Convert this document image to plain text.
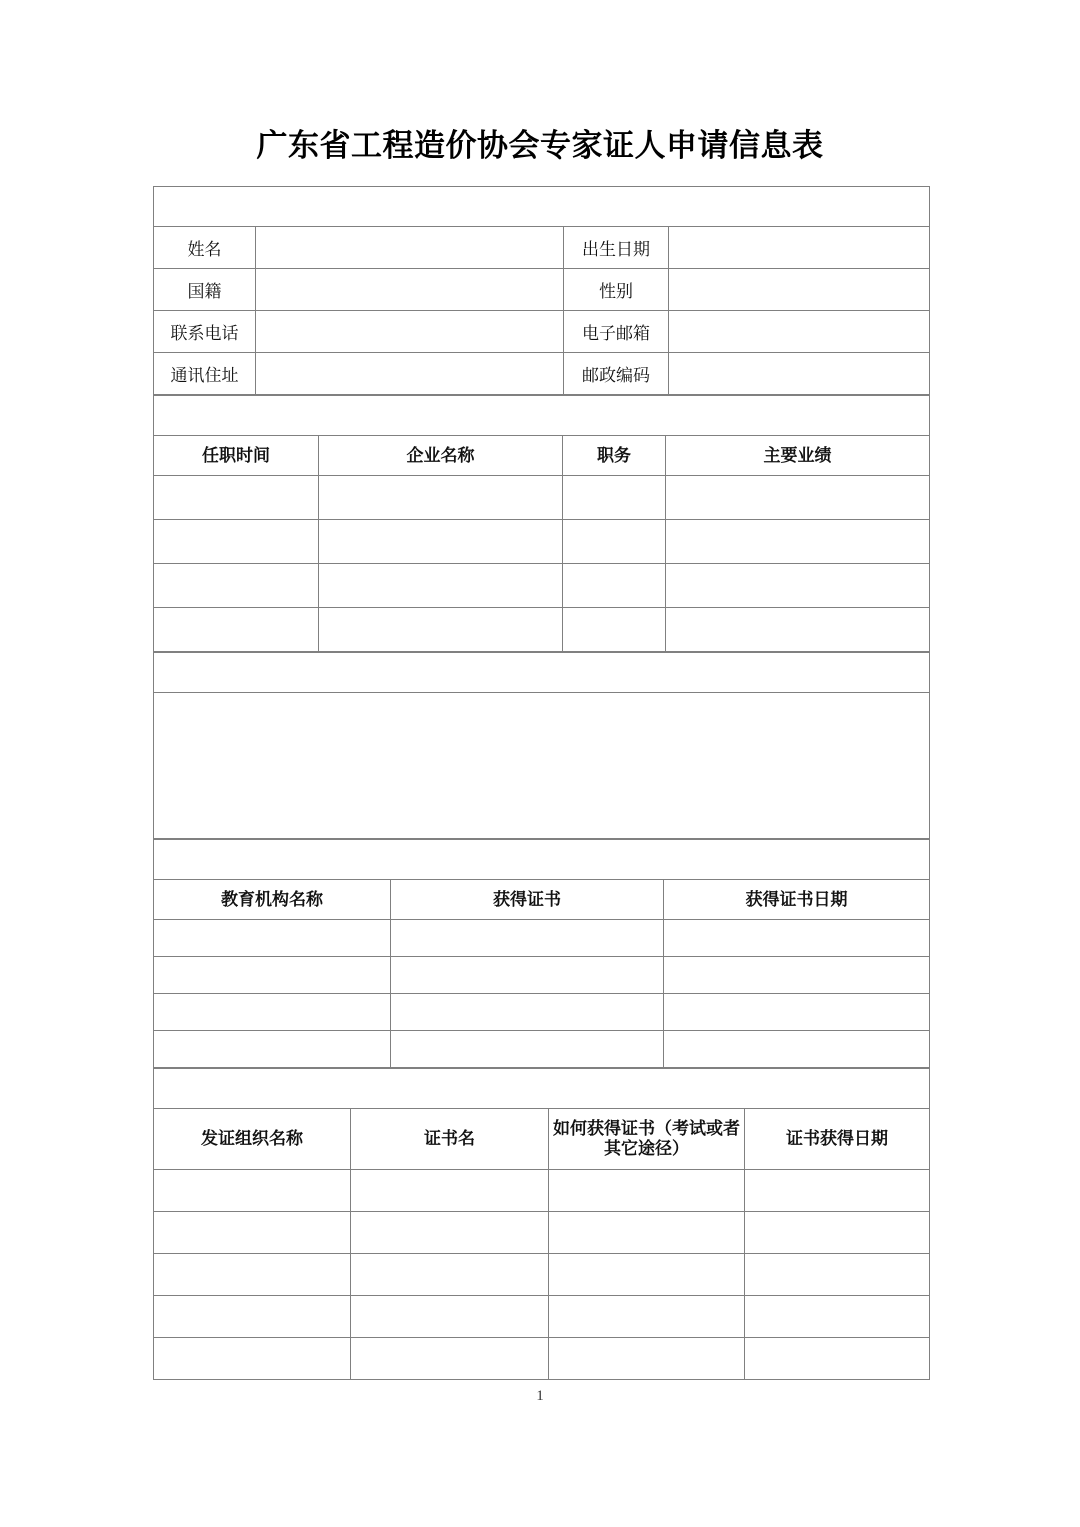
广东省工程造价协会专家证人申请信息表
1. 个人信息			
姓名		出生日期	
国籍		性别	
联系电话		电子邮箱	
通讯住址		邮政编码	
2. 个人职业信息			
任职时间	企业名称	职务	主要业绩

3. 个人职业专长

4. 个人教育背景		
教育机构名称	获得证书	获得证书日期

5. 职称、专业证书			
发证组织名称	证书名	如何获得证书（考试或者其它途径）	证书获得日期

1
